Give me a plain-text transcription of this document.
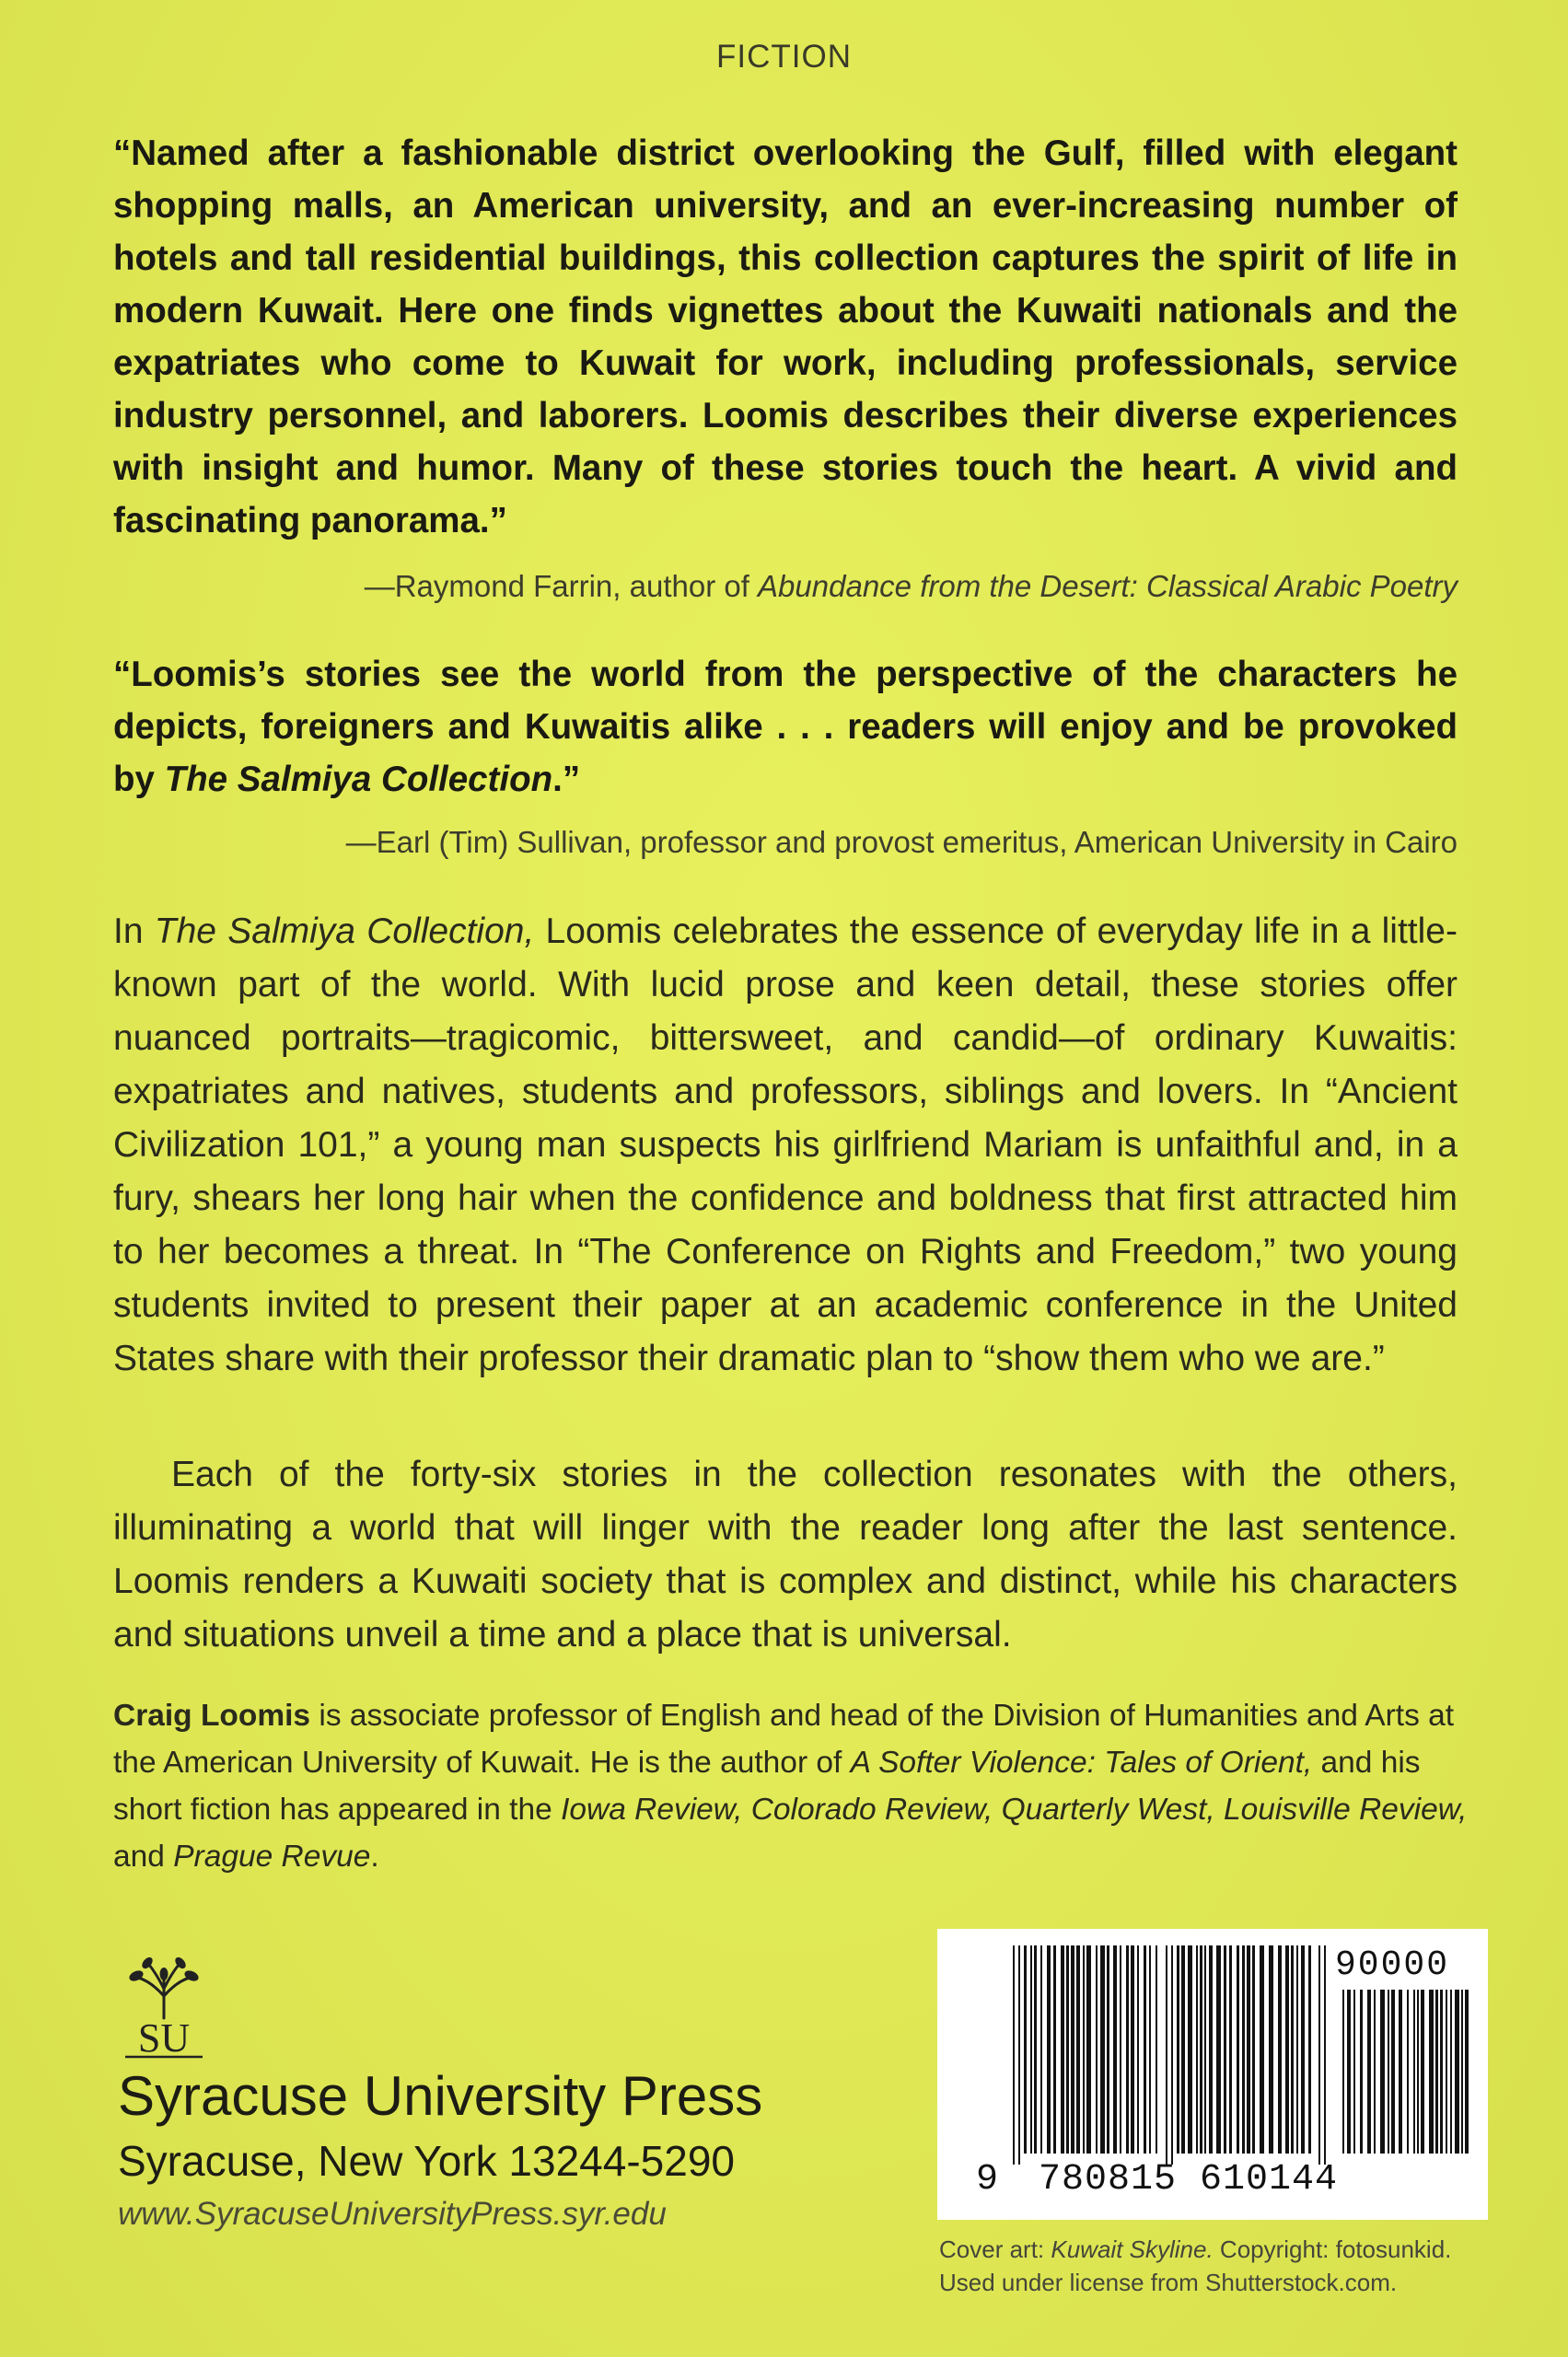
FICTION
“Named after a fashionable district overlooking the Gulf, filled with elegant shopping malls, an American university, and an ever-increasing number of hotels and tall residential buildings, this collection captures the spirit of life in modern Kuwait. Here one finds vignettes about the Kuwaiti nationals and the expatriates who come to Kuwait for work, including professionals, service industry personnel, and laborers. Loomis describes their diverse experiences with insight and humor. Many of these stories touch the heart. A vivid and fascinating panorama.”
—Raymond Farrin, author of Abundance from the Desert: Classical Arabic Poetry
“Loomis’s stories see the world from the perspective of the characters he depicts, foreigners and Kuwaitis alike . . . readers will enjoy and be provoked by The Salmiya Collection.”
—Earl (Tim) Sullivan, professor and provost emeritus, American University in Cairo
In The Salmiya Collection, Loomis celebrates the essence of everyday life in a little-known part of the world. With lucid prose and keen detail, these stories offer nuanced portraits—tragicomic, bittersweet, and candid—of ordinary Kuwaitis: expatriates and natives, students and professors, siblings and lovers. In “Ancient Civilization 101,” a young man suspects his girlfriend Mariam is unfaithful and, in a fury, shears her long hair when the confidence and boldness that first attracted him to her becomes a threat. In “The Conference on Rights and Freedom,” two young students invited to present their paper at an academic conference in the United States share with their professor their dramatic plan to “show them who we are.”
Each of the forty-six stories in the collection resonates with the others, illuminating a world that will linger with the reader long after the last sentence. Loomis renders a Kuwaiti society that is complex and distinct, while his characters and situations unveil a time and a place that is universal.
Craig Loomis is associate professor of English and head of the Division of Humanities and Arts at the American University of Kuwait. He is the author of A Softer Violence: Tales of Orient, and his short fiction has appeared in the Iowa Review, Colorado Review, Quarterly West, Louisville Review, and Prague Revue.
SU
Syracuse University Press
Syracuse, New York 13244-5290
www.SyracuseUniversityPress.syr.edu
90000
9 780815 610144
Cover art: Kuwait Skyline. Copyright: fotosunkid. Used under license from Shutterstock.com.
